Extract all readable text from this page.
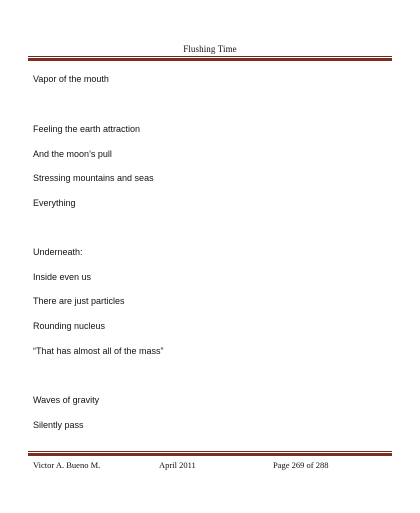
Flushing Time
Vapor of the mouth
Feeling the earth attraction
And the moon’s pull
Stressing mountains and seas
Everything
Underneath:
Inside even us
There are just particles
Rounding nucleus
“That has almost all of the mass”
Waves of gravity
Silently pass
Victor A. Bueno M.	April 2011	Page 269 of 288
